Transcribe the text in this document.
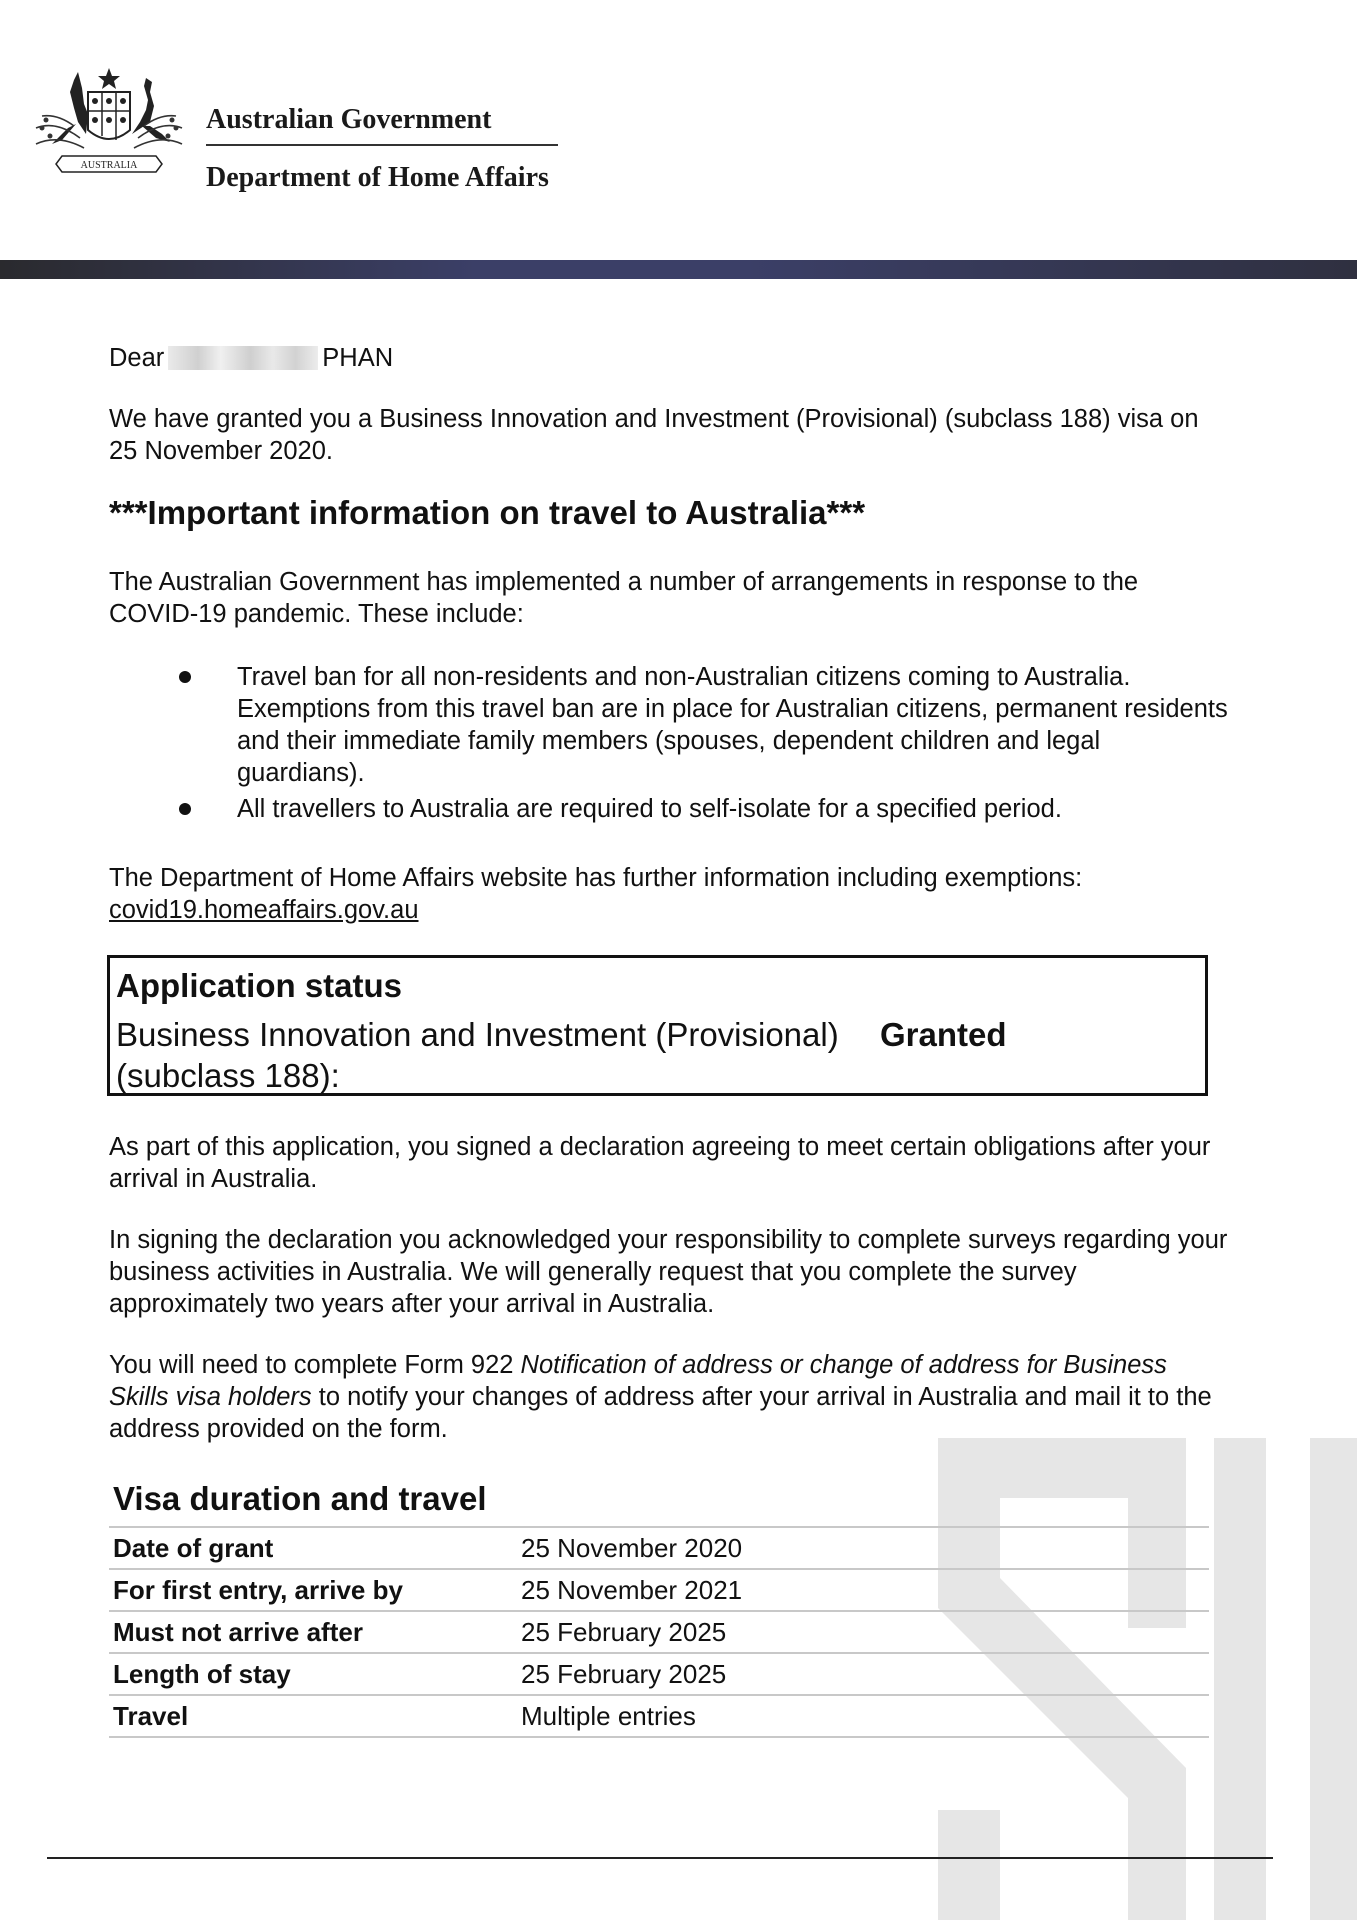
AUSTRALIA
Australian Government
Department of Home Affairs
Dear	PHAN
We have granted you a Business Innovation and Investment (Provisional) (subclass 188) visa on 25 November 2020.
***Important information on travel to Australia***
The Australian Government has implemented a number of arrangements in response to the COVID-19 pandemic. These include:
Travel ban for all non-residents and non-Australian citizens coming to Australia. Exemptions from this travel ban are in place for Australian citizens, permanent residents and their immediate family members (spouses, dependent children and legal guardians).
All travellers to Australia are required to self-isolate for a specified period.
The Department of Home Affairs website has further information including exemptions:
covid19.homeaffairs.gov.au
Application status
Business Innovation and Investment (Provisional) (subclass 188):
Granted
As part of this application, you signed a declaration agreeing to meet certain obligations after your arrival in Australia.
In signing the declaration you acknowledged your responsibility to complete surveys regarding your business activities in Australia. We will generally request that you complete the survey approximately two years after your arrival in Australia.
You will need to complete Form 922 Notification of address or change of address for Business Skills visa holders to notify your changes of address after your arrival in Australia and mail it to the address provided on the form.
Visa duration and travel
Date of grant	25 November 2020
For first entry, arrive by	25 November 2021
Must not arrive after	25 February 2025
Length of stay	25 February 2025
Travel	Multiple entries
